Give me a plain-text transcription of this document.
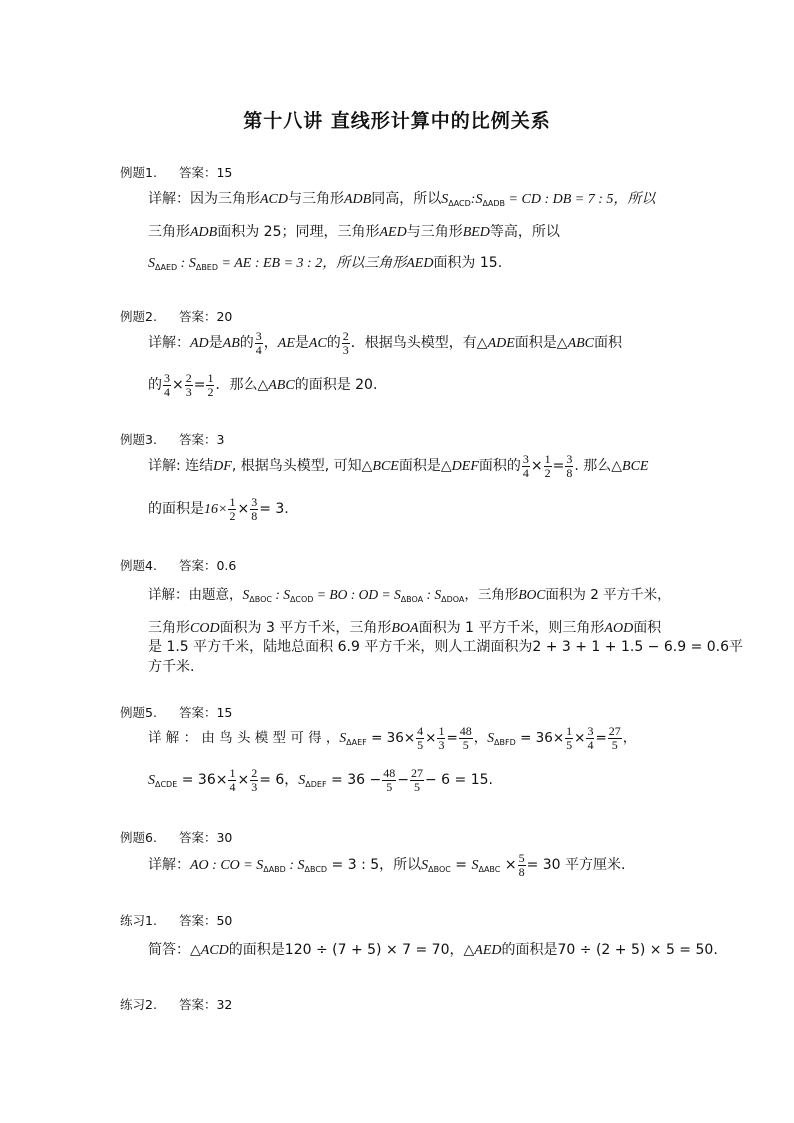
第十八讲 直线形计算中的比例关系
例题1. 答案：15
详解：因为三角形ACD与三角形ADB同高，所以$S_{\Delta ACD}:S_{\Delta ADB}$ = CD : DB = 7 : 5，所以
三角形ADB面积为 25；同理，三角形AED与三角形BED等高，所以
$S_{\Delta AED}$ : $S_{\Delta BED}$ = AE : EB = 3 : 2，所以三角形AED面积为 15.
例题2. 答案：20
详解：AD是AB的 $\frac{3}{4}$ ，AE是AC的 $\frac{2}{3}$ ．根据鸟头模型，有△ADE面积是△ABC面积
的 $\frac{3}{4} \times \frac{2}{3} = \frac{1}{2}$ ．那么△ABC的面积是 20.
例题3. 答案：3
详解: 连结DF, 根据鸟头模型, 可知△BCE面积是△DEF面积的 $\frac{3}{4} \times \frac{1}{2} = \frac{3}{8}$ . 那么△BCE
的面积是$16\times \frac{1}{2} \times \frac{3}{8} = 3$.
例题4. 答案：0.6
详解：由题意，$S_{\Delta BOC}$ : $S_{\Delta COD}$ = BO : OD = $S_{\Delta BOA}$ : $S_{\Delta DOA}$，三角形BOC面积为 2 平方千米，
三角形COD面积为 3 平方千米，三角形BOA面积为 1 平方千米，则三角形AOD面积
是 1.5 平方千米，陆地总面积 6.9 平方千米，则人工湖面积为2 + 3 + 1 + 1.5 − 6.9 = 0.6平
方千米.
例题5. 答案：15
详 解 ： 由 鸟 头 模 型 可 得 ，$S_{\Delta AEF} = 36\times \frac{4}{5} \times \frac{1}{3} = \frac{48}{5}$ ，$S_{\Delta BFD} = 36\times \frac{1}{5} \times \frac{3}{4} = \frac{27}{5}$ ，
$S_{\Delta CDE} = 36\times \frac{1}{4} \times \frac{2}{3} = 6$，$S_{\Delta DEF} = 36 - \frac{48}{5} - \frac{27}{5} - 6 = 15$.
例题6. 答案：30
详解：AO : CO = $S_{\Delta ABD}$ : $S_{\Delta BCD} = 3$ : 5，所以$S_{\Delta BOC} = S_{\Delta ABC} \times \frac{5}{8} = 30$ 平方厘米.
练习1. 答案：50
简答：△ACD的面积是120 ÷ (7 + 5) × 7 = 70，△AED的面积是70 ÷ (2 + 5) × 5 = 50.
练习2. 答案：32
